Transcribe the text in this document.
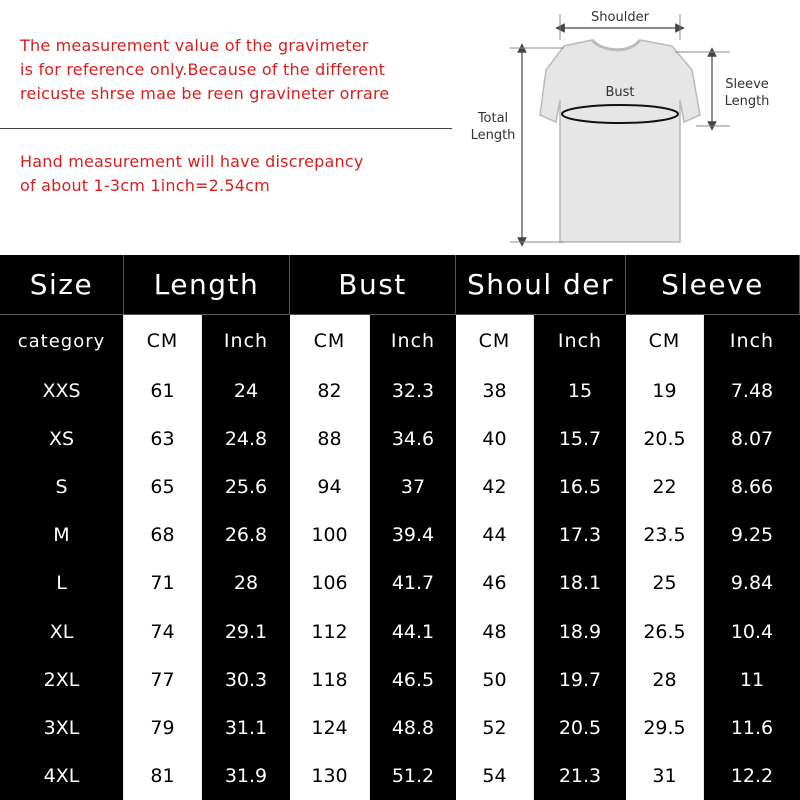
The measurement value of the gravimeter
is for reference only.Because of the different
reicuste shrse mae be reen gravineter orrare
Hand measurement will have discrepancy
of about 1-3cm 1inch=2.54cm
Shoulder
Bust
Sleeve
Length
Total
Length
Size	Length	Bust	Shoul der	Sleeve
category	CM	Inch	CM	Inch	CM	Inch	CM	Inch
XXS	61	24	82	32.3	38	15	19	7.48
XS	63	24.8	88	34.6	40	15.7	20.5	8.07
S	65	25.6	94	37	42	16.5	22	8.66
M	68	26.8	100	39.4	44	17.3	23.5	9.25
L	71	28	106	41.7	46	18.1	25	9.84
XL	74	29.1	112	44.1	48	18.9	26.5	10.4
2XL	77	30.3	118	46.5	50	19.7	28	11
3XL	79	31.1	124	48.8	52	20.5	29.5	11.6
4XL	81	31.9	130	51.2	54	21.3	31	12.2
